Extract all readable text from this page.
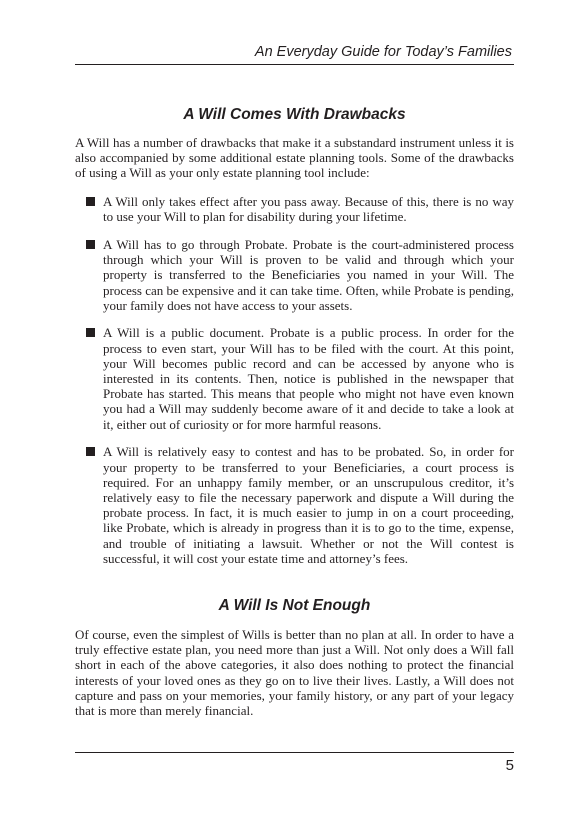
An Everyday Guide for Today’s Families
A Will Comes With Drawbacks

A Will has a number of drawbacks that make it a substandard instrument unless it is also accompanied by some additional estate planning tools. Some of the drawbacks of using a Will as your only estate planning tool include:

A Will only takes effect after you pass away. Because of this, there is no way to use your Will to plan for disability during your lifetime.
A Will has to go through Probate. Probate is the court-administered process through which your Will is proven to be valid and through which your property is transferred to the Beneficiaries you named in your Will. The process can be expensive and it can take time. Often, while Probate is pending, your family does not have access to your assets.
A Will is a public document. Probate is a public process. In order for the process to even start, your Will has to be filed with the court. At this point, your Will becomes public record and can be accessed by anyone who is interested in its contents. Then, notice is published in the newspaper that Probate has started. This means that people who might not have even known you had a Will may suddenly become aware of it and decide to take a look at it, either out of curiosity or for more harmful reasons.
A Will is relatively easy to contest and has to be probated. So, in order for your property to be transferred to your Beneficiaries, a court process is required. For an unhappy family member, or an unscrupulous creditor, it’s relatively easy to file the necessary paperwork and dispute a Will during the probate process. In fact, it is much easier to jump in on a court proceeding, like Probate, which is already in progress than it is to go to the time, expense, and trouble of initiating a lawsuit. Whether or not the Will contest is successful, it will cost your estate time and attorney’s fees.
A Will Is Not Enough

Of course, even the simplest of Wills is better than no plan at all. In order to have a truly effective estate plan, you need more than just a Will. Not only does a Will fall short in each of the above categories, it also does nothing to protect the financial interests of your loved ones as they go on to live their lives. Lastly, a Will does not capture and pass on your memories, your family history, or any part of your legacy that is more than merely financial.

5
